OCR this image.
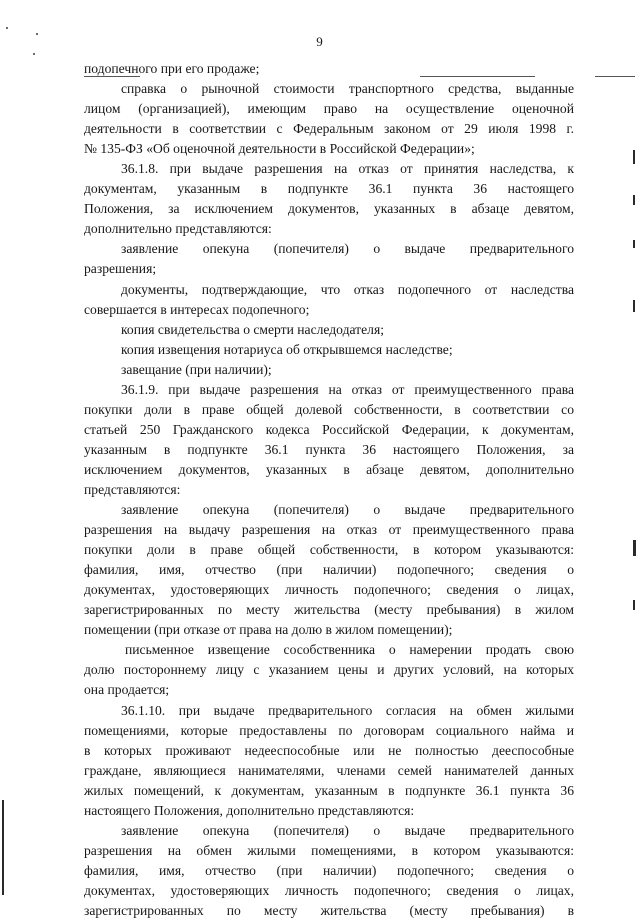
9
подопечного при его продаже;
справка о рыночной стоимости транспортного средства, выданные
лицом (организацией), имеющим право на осуществление оценочной
деятельности в соответствии с Федеральным законом от 29 июля 1998 г.
№ 135-ФЗ «Об оценочной деятельности в Российской Федерации»;
36.1.8. при выдаче разрешения на отказ от принятия наследства, к
документам, указанным в подпункте 36.1 пункта 36 настоящего
Положения, за исключением документов, указанных в абзаце девятом,
дополнительно представляются:
заявление опекуна (попечителя) о выдаче предварительного
разрешения;
документы, подтверждающие, что отказ подопечного от наследства
совершается в интересах подопечного;
копия свидетельства о смерти наследодателя;
копия извещения нотариуса об открывшемся наследстве;
завещание (при наличии);
36.1.9. при выдаче разрешения на отказ от преимущественного права
покупки доли в праве общей долевой собственности, в соответствии со
статьей 250 Гражданского кодекса Российской Федерации, к документам,
указанным в подпункте 36.1 пункта 36 настоящего Положения, за
исключением документов, указанных в абзаце девятом, дополнительно
представляются:
заявление опекуна (попечителя) о выдаче предварительного
разрешения на выдачу разрешения на отказ от преимущественного права
покупки доли в праве общей собственности, в котором указываются:
фамилия, имя, отчество (при наличии) подопечного; сведения о
документах, удостоверяющих личность подопечного; сведения о лицах,
зарегистрированных по месту жительства (месту пребывания) в жилом
помещении (при отказе от права на долю в жилом помещении);
письменное извещение сособственника о намерении продать свою
долю постороннему лицу с указанием цены и других условий, на которых
она продается;
36.1.10. при выдаче предварительного согласия на обмен жилыми
помещениями, которые предоставлены по договорам социального найма и
в которых проживают недееспособные или не полностью дееспособные
граждане, являющиеся нанимателями, членами семей нанимателей данных
жилых помещений, к документам, указанным в подпункте 36.1 пункта 36
настоящего Положения, дополнительно представляются:
заявление опекуна (попечителя) о выдаче предварительного
разрешения на обмен жилыми помещениями, в котором указываются:
фамилия, имя, отчество (при наличии) подопечного; сведения о
документах, удостоверяющих личность подопечного; сведения о лицах,
зарегистрированных по месту жительства (месту пребывания) в
